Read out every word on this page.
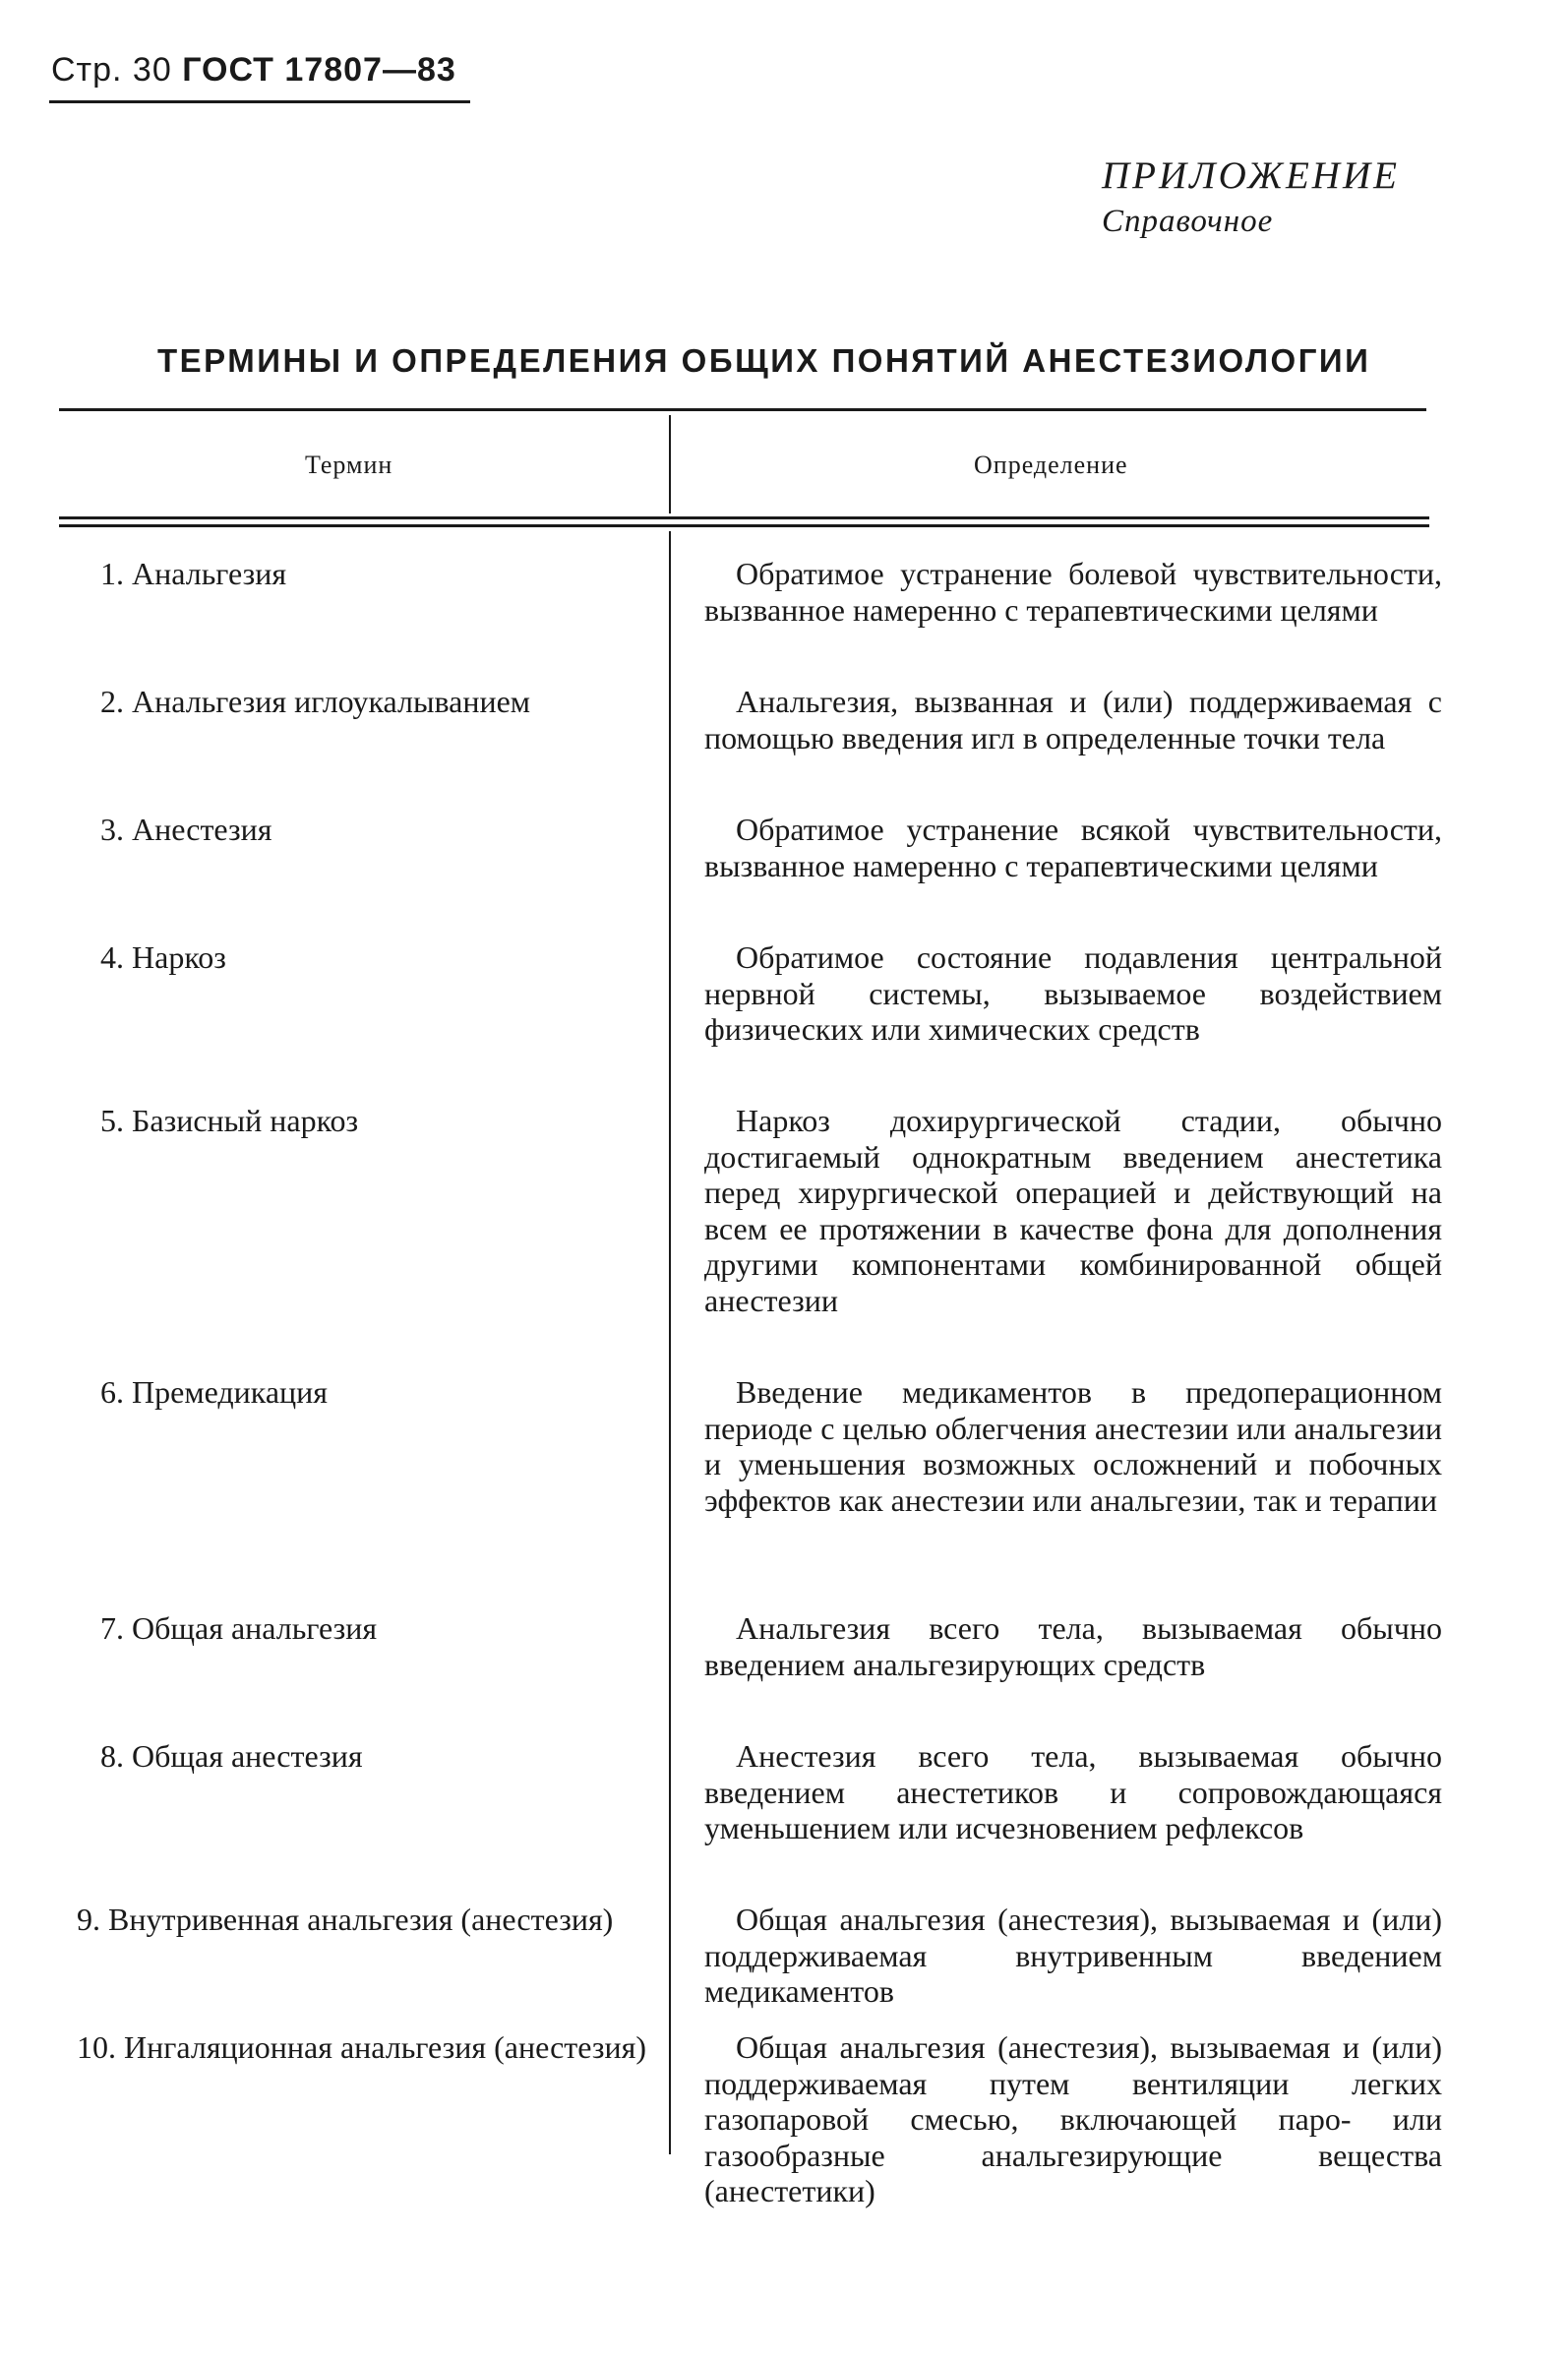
Стр. 30 ГОСТ 17807—83
ПРИЛОЖЕНИЕ
Справочное
ТЕРМИНЫ И ОПРЕДЕЛЕНИЯ ОБЩИХ ПОНЯТИЙ АНЕСТЕЗИОЛОГИИ
Термин	Определение
1. Анальгезия	Обратимое устранение болевой чувствительности, вызванное намеренно с терапевтическими целями
2. Анальгезия иглоукалыванием	Анальгезия, вызванная и (или) поддерживаемая с помощью введения игл в определенные точки тела
3. Анестезия	Обратимое устранение всякой чувствительности, вызванное намеренно с терапевтическими целями
4. Наркоз	Обратимое состояние подавления центральной нервной системы, вызываемое воздействием физических или химических средств
5. Базисный наркоз	Наркоз дохирургической стадии, обычно достигаемый однократным введением анестетика перед хирургической операцией и действующий на всем ее протяжении в качестве фона для дополнения другими компонентами комбинированной общей анестезии
6. Премедикация	Введение медикаментов в предоперационном периоде с целью облегчения анестезии или анальгезии и уменьшения возможных осложнений и побочных эффектов как анестезии или анальгезии, так и терапии
7. Общая анальгезия	Анальгезия всего тела, вызываемая обычно введением анальгезирующих средств
8. Общая анестезия	Анестезия всего тела, вызываемая обычно введением анестетиков и сопровождающаяся уменьшением или исчезновением рефлексов
9. Внутривенная анальгезия (анестезия)	Общая анальгезия (анестезия), вызываемая и (или) поддерживаемая внутривенным введением медикаментов
10. Ингаляционная анальгезия (анестезия)	Общая анальгезия (анестезия), вызываемая и (или) поддерживаемая путем вентиляции легких газопаровой смесью, включающей паро- или газообразные анальгезирующие вещества (анестетики)
